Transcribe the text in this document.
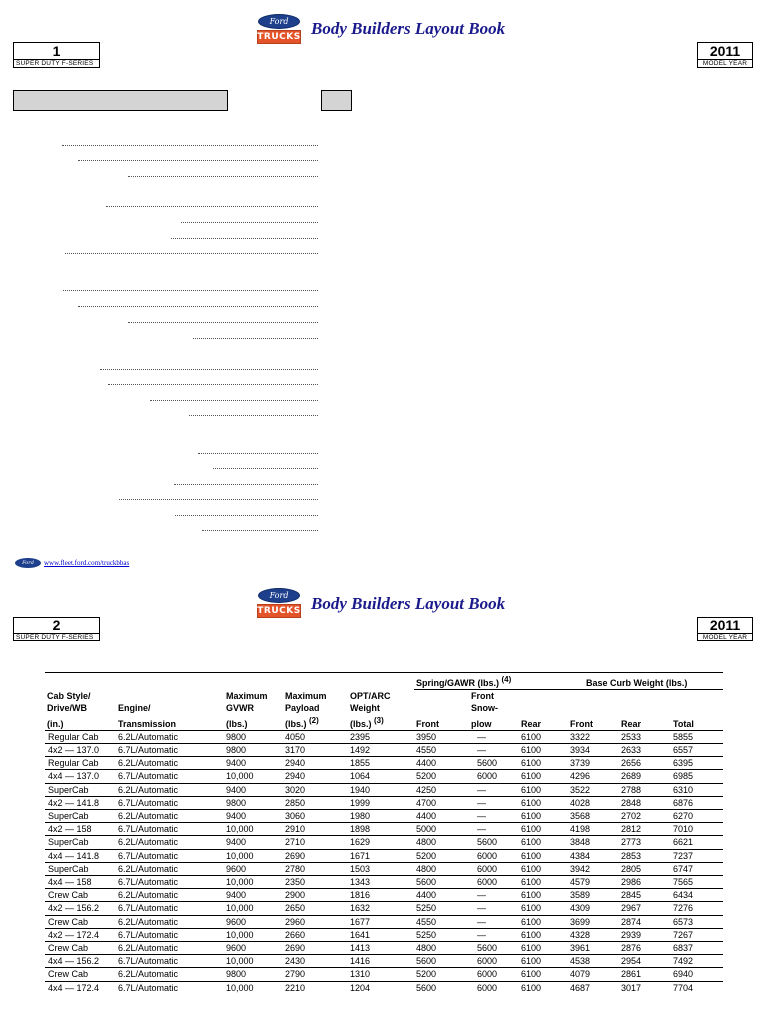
Ford
TRUCKS Body Builders Layout Book
1
SUPER DUTY F-SERIES
2011
MODEL YEAR
Ford	www.fleet.ford.com/truckbbas
Ford
TRUCKS Body Builders Layout Book
2
SUPER DUTY F-SERIES
2011
MODEL YEAR
					Spring/GAWR (lbs.) (4)			Base Curb Weight (lbs.)		
Cab Style/		Maximum	Maximum	OPT/ARC		Front				
Drive/WB	Engine/	GVWR	Payload	Weight		Snow-				
(in.)	Transmission	(lbs.)	(lbs.) (2)	(lbs.) (3)	Front	plow	Rear	Front	Rear	Total
Regular Cab	6.2L/Automatic	9800	4050	2395	3950	—	6100	3322	2533	5855
4x2 — 137.0	6.7L/Automatic	9800	3170	1492	4550	—	6100	3934	2633	6557
Regular Cab	6.2L/Automatic	9400	2940	1855	4400	5600	6100	3739	2656	6395
4x4 — 137.0	6.7L/Automatic	10,000	2940	1064	5200	6000	6100	4296	2689	6985
SuperCab	6.2L/Automatic	9400	3020	1940	4250	—	6100	3522	2788	6310
4x2 — 141.8	6.7L/Automatic	9800	2850	1999	4700	—	6100	4028	2848	6876
SuperCab	6.2L/Automatic	9400	3060	1980	4400	—	6100	3568	2702	6270
4x2 — 158	6.7L/Automatic	10,000	2910	1898	5000	—	6100	4198	2812	7010
SuperCab	6.2L/Automatic	9400	2710	1629	4800	5600	6100	3848	2773	6621
4x4 — 141.8	6.7L/Automatic	10,000	2690	1671	5200	6000	6100	4384	2853	7237
SuperCab	6.2L/Automatic	9600	2780	1503	4800	6000	6100	3942	2805	6747
4x4 — 158	6.7L/Automatic	10,000	2350	1343	5600	6000	6100	4579	2986	7565
Crew Cab	6.2L/Automatic	9400	2900	1816	4400	—	6100	3589	2845	6434
4x2 — 156.2	6.7L/Automatic	10,000	2650	1632	5250	—	6100	4309	2967	7276
Crew Cab	6.2L/Automatic	9600	2960	1677	4550	—	6100	3699	2874	6573
4x2 — 172.4	6.7L/Automatic	10,000	2660	1641	5250	—	6100	4328	2939	7267
Crew Cab	6.2L/Automatic	9600	2690	1413	4800	5600	6100	3961	2876	6837
4x4 — 156.2	6.7L/Automatic	10,000	2430	1416	5600	6000	6100	4538	2954	7492
Crew Cab	6.2L/Automatic	9800	2790	1310	5200	6000	6100	4079	2861	6940
4x4 — 172.4	6.7L/Automatic	10,000	2210	1204	5600	6000	6100	4687	3017	7704
